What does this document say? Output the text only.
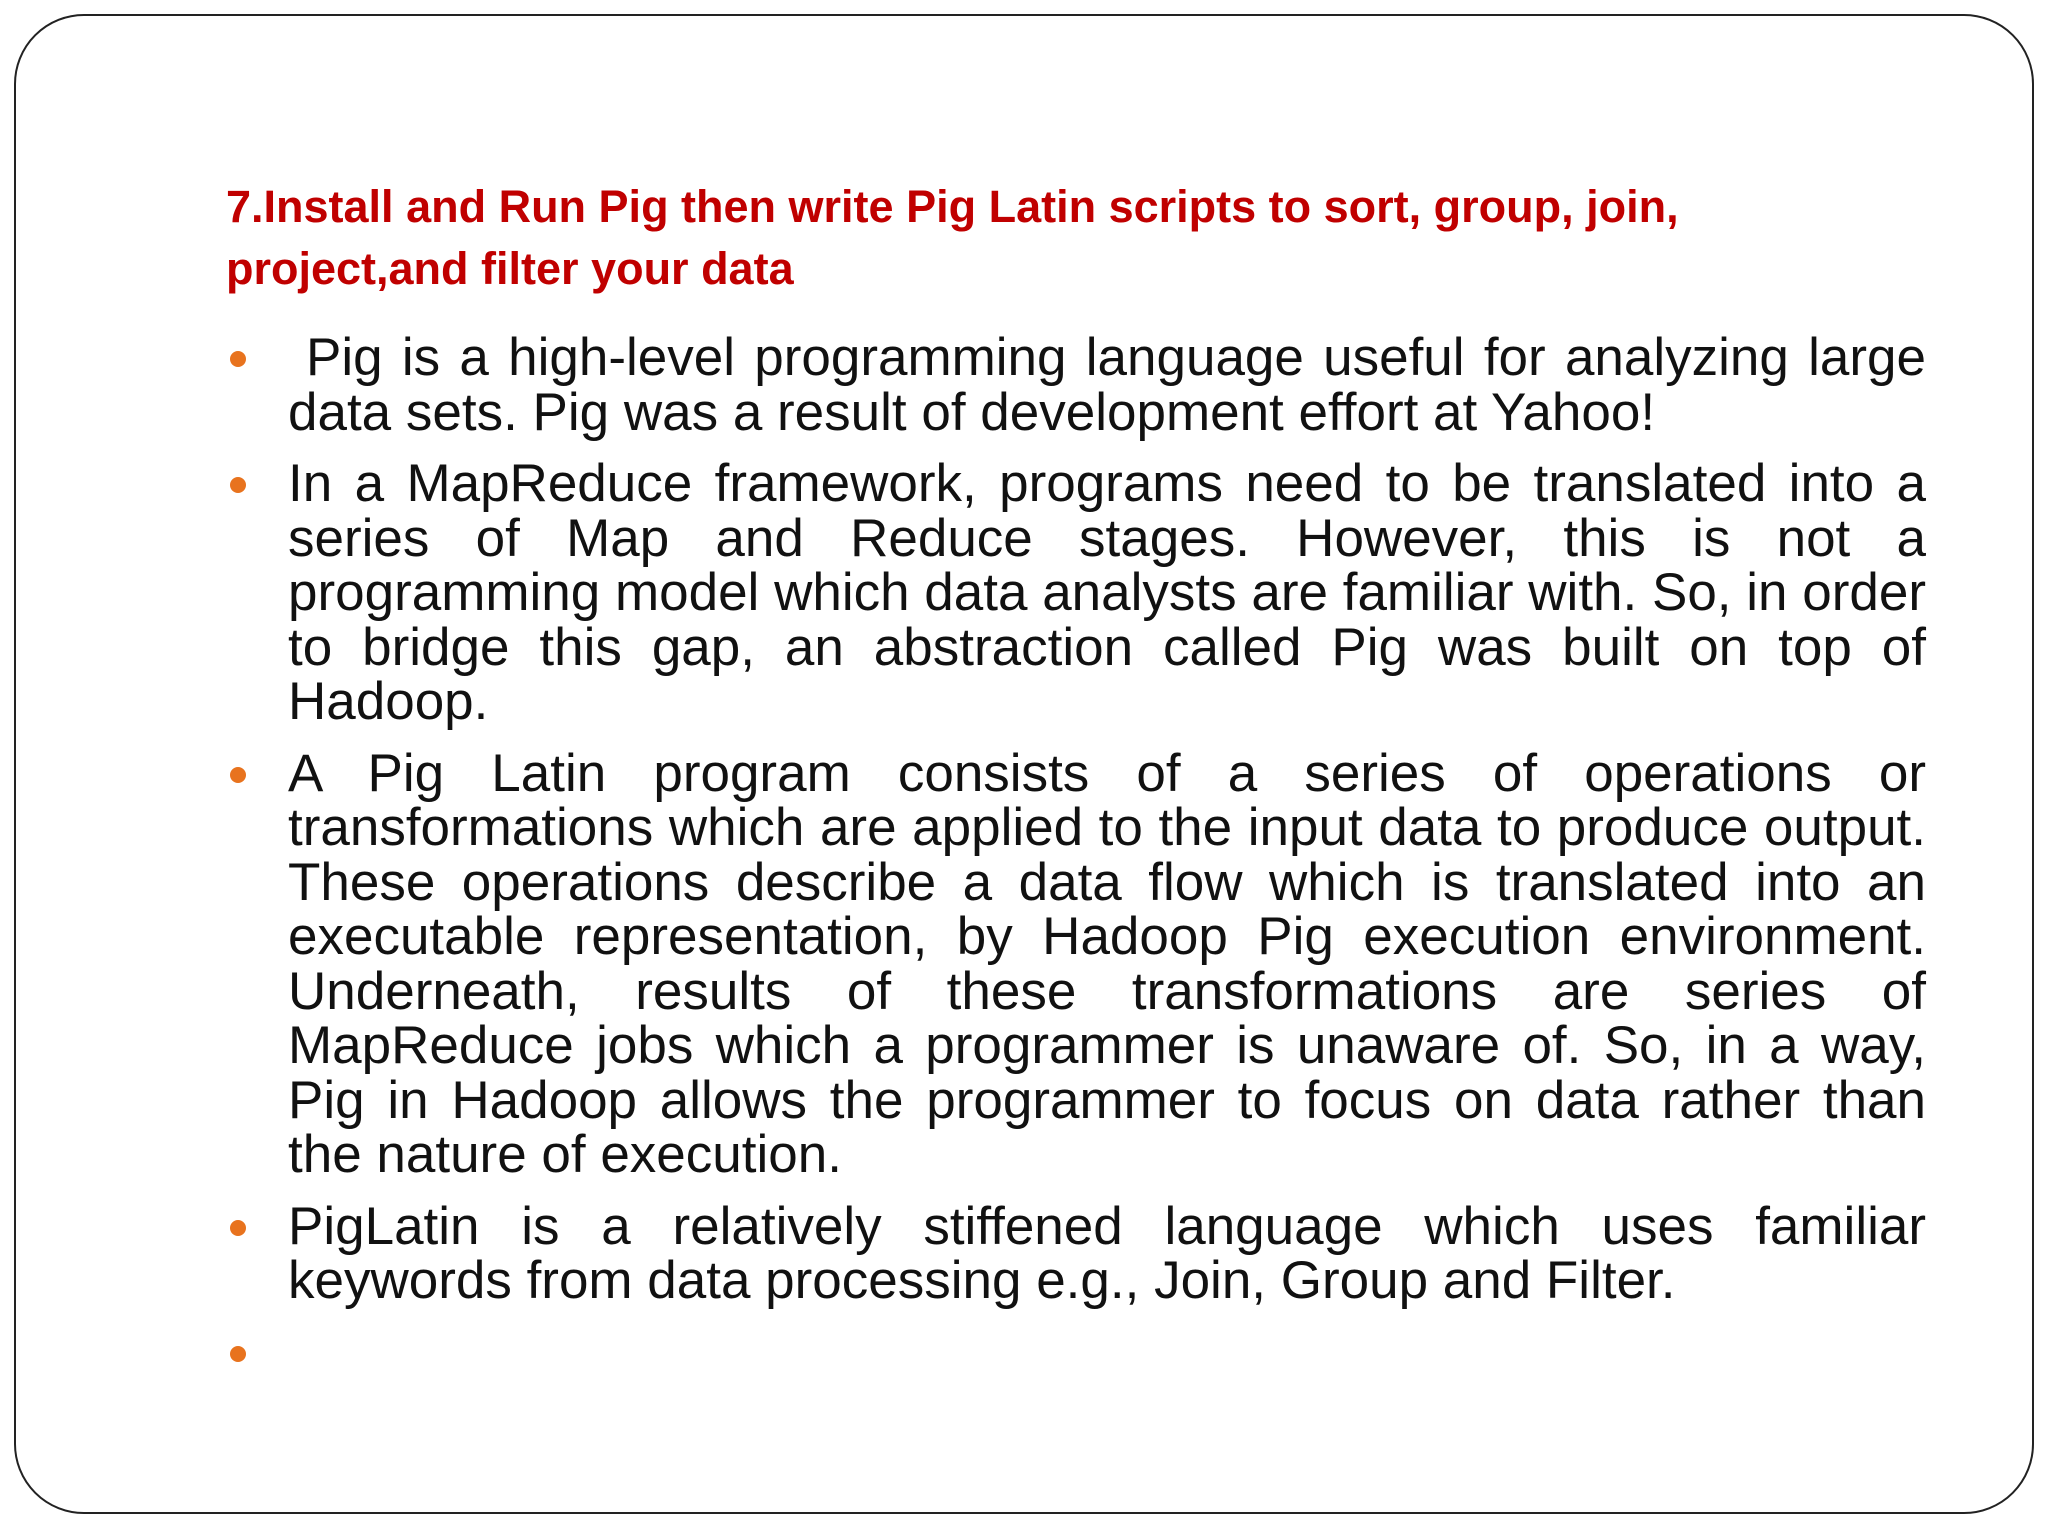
7.Install and Run Pig then write Pig Latin scripts to sort, group, join, project,and filter your data
Pig is a high-level programming language useful for analyzing large data sets. Pig was a result of development effort at Yahoo!
In a MapReduce framework, programs need to be translated into a series of Map and Reduce stages. However, this is not a programming model which data analysts are familiar with. So, in order to bridge this gap, an abstraction called Pig was built on top of Hadoop.
A Pig Latin program consists of a series of operations or transformations which are applied to the input data to produce output. These operations describe a data flow which is translated into an executable representation, by Hadoop Pig execution environment. Underneath, results of these transformations are series of MapReduce jobs which a programmer is unaware of. So, in a way, Pig in Hadoop allows the programmer to focus on data rather than the nature of execution.
PigLatin is a relatively stiffened language which uses familiar keywords from data processing e.g., Join, Group and Filter.
